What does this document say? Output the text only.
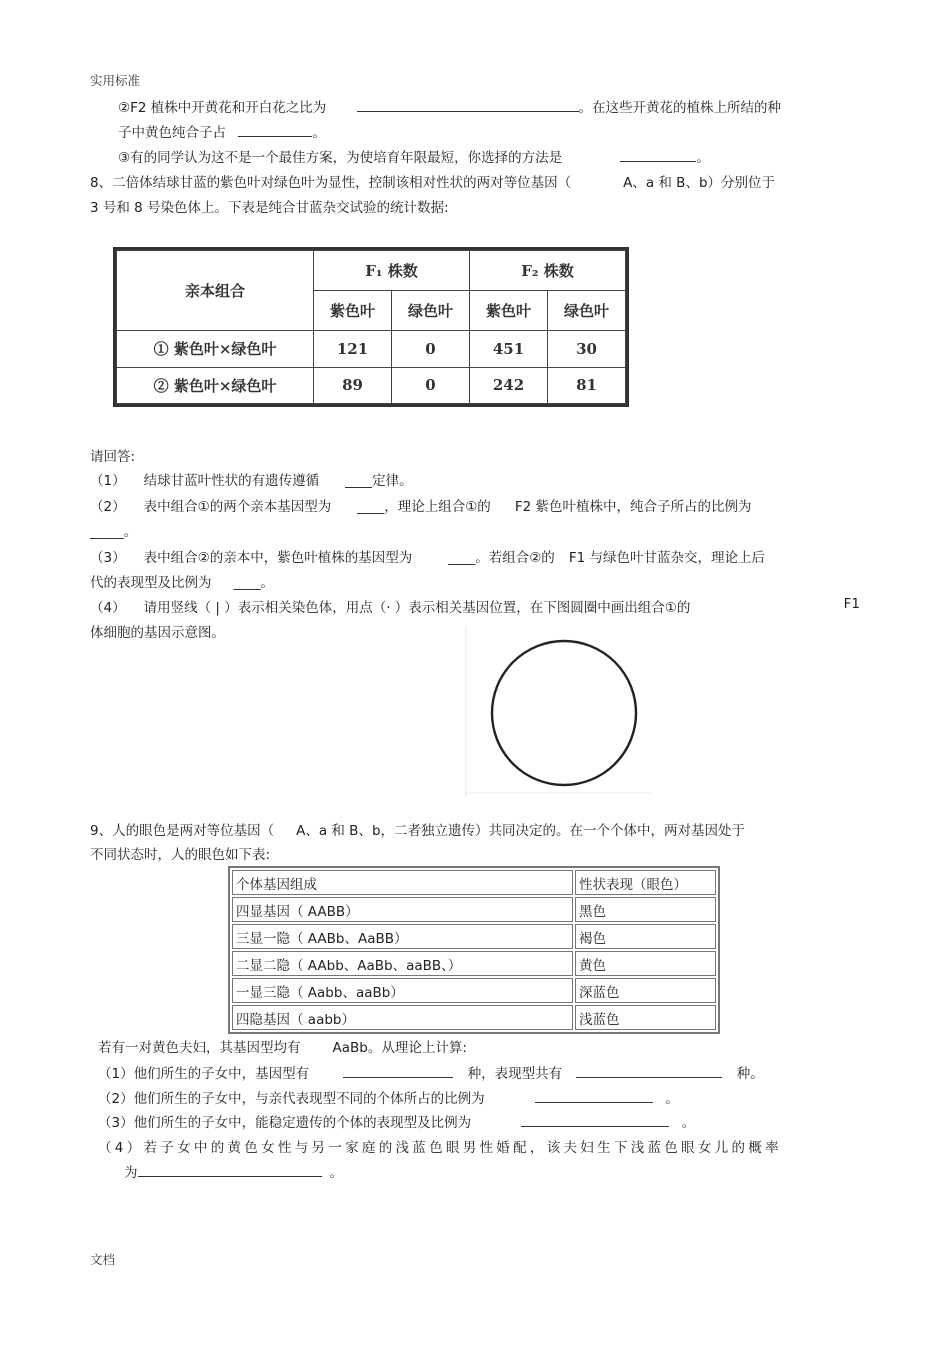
实用标准
②F2 植株中开黄花和开白花之比为	。在这些开黄花的植株上所结的种
子中黄色纯合子占	。
③有的同学认为这不是一个最佳方案，为使培育年限最短，你选择的方法是	。
8、二倍体结球甘蓝的紫色叶对绿色叶为显性，控制该相对性状的两对等位基因（	A、a 和 B、b）分别位于
3 号和 8 号染色体上。下表是纯合甘蓝杂交试验的统计数据:
亲本组合	F₁ 株数		F₂ 株数	
	紫色叶	绿色叶	紫色叶	绿色叶
① 紫色叶×绿色叶	121	0	451	30
② 紫色叶×绿色叶	89	0	242	81
请回答:
（1） 结球甘蓝叶性状的有遗传遵循 ____定律。
（2） 表中组合①的两个亲本基因型为 ____，理论上组合①的 F2 紫色叶植株中，纯合子所占的比例为
_____。
（3） 表中组合②的亲本中，紫色叶植株的基因型为	____。若组合②的 F1 与绿色叶甘蓝杂交，理论上后
代的表现型及比例为 ____。
（4） 请用竖线（ | ）表示相关染色体，用点（· ）表示相关基因位置，在下图圆圈中画出组合①的	F1
体细胞的基因示意图。
9、人的眼色是两对等位基因（ A、a 和 B、b，二者独立遗传）共同决定的。在一个个体中，两对基因处于
不同状态时，人的眼色如下表:
个体基因组成	性状表现（眼色）
四显基因（ AABB）	黑色
三显一隐（ AABb、AaBB）	褐色
二显二隐（ AAbb、AaBb、aaBB、）	黄色
一显三隐（ Aabb、aaBb）	深蓝色
四隐基因（ aabb）	浅蓝色
若有一对黄色夫妇，其基因型均有 AaBb。从理论上计算:
（1）他们所生的子女中，基因型有	种，表现型共有	种。
（2）他们所生的子女中，与亲代表现型不同的个体所占的比例为	。
（3）他们所生的子女中，能稳定遗传的个体的表现型及比例为	。
（4）若子女中的黄色女性与另一家庭的浅蓝色眼男性婚配，该夫妇生下浅蓝色眼女儿的概率
为	。
文档
